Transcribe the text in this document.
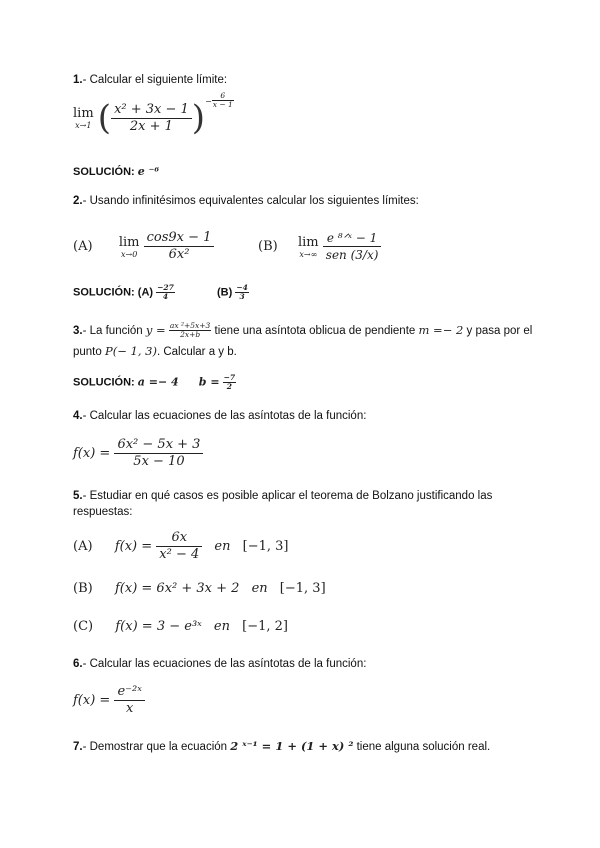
1.- Calcular el siguiente límite:
lim
x→1 ( $\frac{\text{x² + 3x − 1}}{2x + 1}$ )− $\frac{6}{x - 1}$
SOLUCIÓN: e ⁻⁶
2.- Usando infinitésimos equivalentes calcular los siguientes límites:
(A) lim
x→0
$\frac{\cos 9x - 1}{\text{6x²}}$	(B) lim
x→∞
$\frac{\text{e ⁸ᐟˣ − 1}}{\text{sen (3/x)}}$
SOLUCIÓN: $(A) \frac{-27}{4}$	$(B) \frac{-4}{3}$
3.- La función $y = \frac{\text{ax ²+5x+3}}{2x+b}$ tiene una asíntota oblicua de pendiente m =− 2 y pasa por el
punto P(− 1, 3). Calcular a y b.
SOLUCIÓN: a =− 4 $b = \frac{-7}{2}$
4.- Calcular las ecuaciones de las asíntotas de la función:
$f(x) = \frac{\text{6x² − 5x + 3}}{5x - 10}$
5.- Estudiar en qué casos es posible aplicar el teorema de Bolzano justificando las
respuestas:
(A) $f(x) = \frac{6x}{\text{x² − 4}}$ en [−1, 3]
(B) f(x) = 6x² + 3x + 2 en [−1, 3]
(C) f(x) = 3 − e³ˣ en [−1, 2]
6.- Calcular las ecuaciones de las asíntotas de la función:
$f(x) = \frac{\text{e⁻²ˣ}}{x}$
7.- Demostrar que la ecuación 2 ˣ⁻¹ = 1 + (1 + x) ² tiene alguna solución real.
